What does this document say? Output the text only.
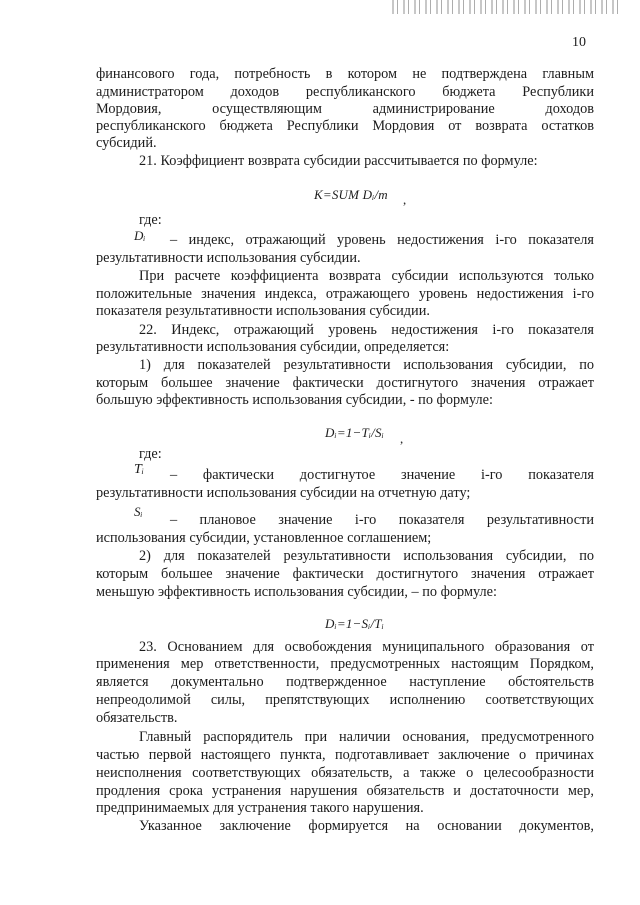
10
финансового года, потребность в котором не подтверждена главным
администратором доходов республиканского бюджета Республики
Мордовия, осуществляющим администрирование доходов
республиканского бюджета Республики Мордовия от возврата остатков
субсидий.
21. Коэффициент возврата субсидии рассчитывается по формуле:
K=SUM Dᵢ/m ,
где:
Dᵢ – индекс, отражающий уровень недостижения i-го показателя
результативности использования субсидии.
При расчете коэффициента возврата субсидии используются только
положительные значения индекса, отражающего уровень недостижения i-го
показателя результативности использования субсидии.
22. Индекс, отражающий уровень недостижения i-го показателя
результативности использования субсидии, определяется:
1) для показателей результативности использования субсидии, по
которым большее значение фактически достигнутого значения отражает
большую эффективность использования субсидии, - по формуле:
Dᵢ=1−Tᵢ/Sᵢ ,
где:
Tᵢ – фактически достигнутое значение i-го показателя
результативности использования субсидии на отчетную дату;
Sᵢ
– плановое значение i-го показателя результативности
использования субсидии, установленное соглашением;
2) для показателей результативности использования субсидии, по
которым большее значение фактически достигнутого значения отражает
меньшую эффективность использования субсидии, – по формуле:
Dᵢ=1−Sᵢ/Tᵢ
23. Основанием для освобождения муниципального образования от
применения мер ответственности, предусмотренных настоящим Порядком,
является документально подтвержденное наступление обстоятельств
непреодолимой силы, препятствующих исполнению соответствующих
обязательств.
Главный распорядитель при наличии основания, предусмотренного
частью первой настоящего пункта, подготавливает заключение о причинах
неисполнения соответствующих обязательств, а также о целесообразности
продления срока устранения нарушения обязательств и достаточности мер,
предпринимаемых для устранения такого нарушения.
Указанное заключение формируется на основании документов,
